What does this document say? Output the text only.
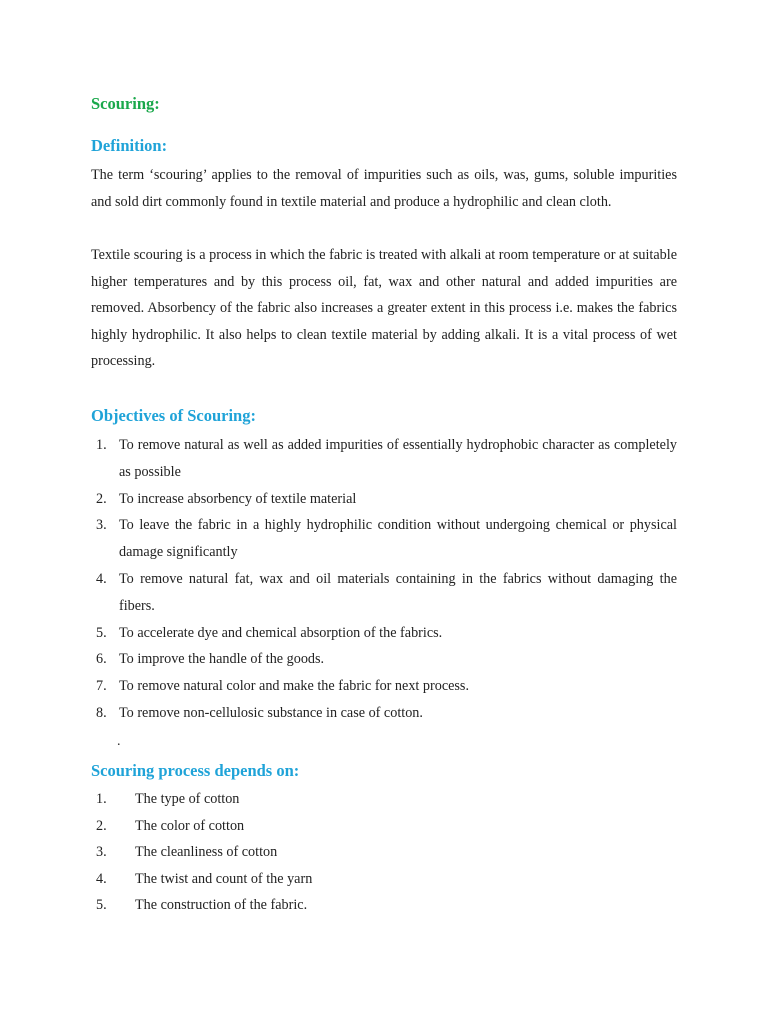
Scouring:
Definition:

The term ‘scouring’ applies to the removal of impurities such as oils, was, gums, soluble impurities and sold dirt commonly found in textile material and produce a hydrophilic and clean cloth.

Textile scouring is a process in which the fabric is treated with alkali at room temperature or at suitable higher temperatures and by this process oil, fat, wax and other natural and added impurities are removed. Absorbency of the fabric also increases a greater extent in this process i.e. makes the fabrics highly hydrophilic. It also helps to clean textile material by adding alkali. It is a vital process of wet processing.

Objectives of Scouring:
1. To remove natural as well as added impurities of essentially hydrophobic character as completely as possible
2. To increase absorbency of textile material
3. To leave the fabric in a highly hydrophilic condition without undergoing chemical or physical damage significantly
4. To remove natural fat, wax and oil materials containing in the fabrics without damaging the fibers.
5. To accelerate dye and chemical absorption of the fabrics.
6. To improve the handle of the goods.
7. To remove natural color and make the fabric for next process.
8. To remove non-cellulosic substance in case of cotton.
.
Scouring process depends on:
1. The type of cotton
2. The color of cotton
3. The cleanliness of cotton
4. The twist and count of the yarn
5. The construction of the fabric.
